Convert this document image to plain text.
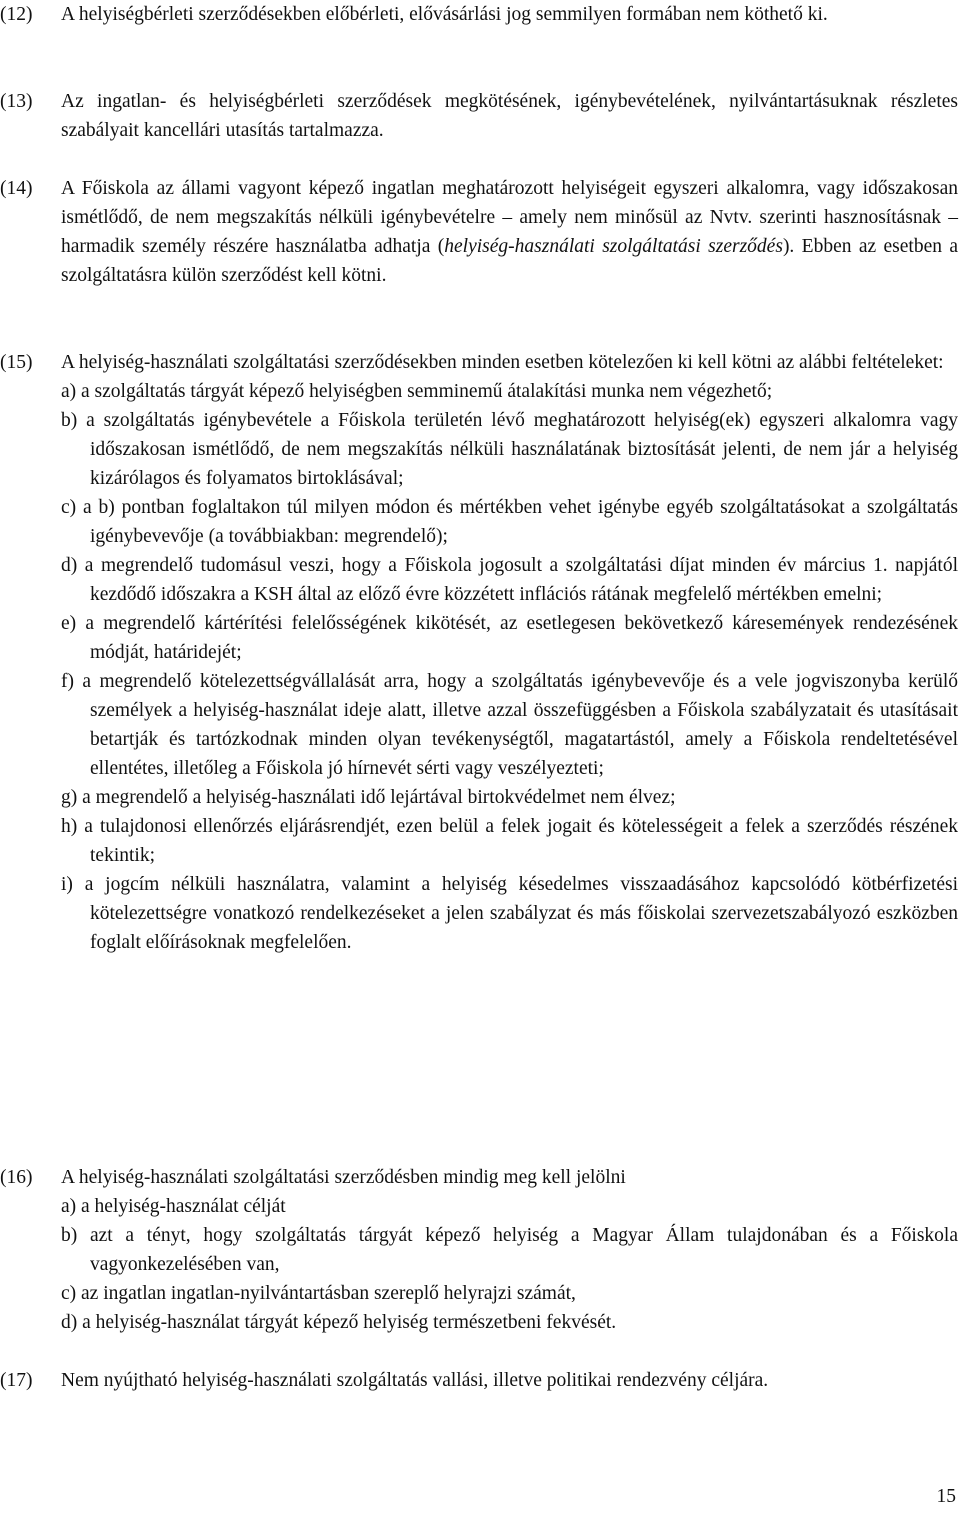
(12) A helyiségbérleti szerződésekben előbérleti, elővásárlási jog semmilyen formában nem köthető ki.
(13) Az ingatlan- és helyiségbérleti szerződések megkötésének, igénybevételének, nyilvántartásuknak részletes szabályait kancellári utasítás tartalmazza.
(14) A Főiskola az állami vagyont képező ingatlan meghatározott helyiségeit egyszeri alkalomra, vagy időszakosan ismétlődő, de nem megszakítás nélküli igénybevételre – amely nem minősül az Nvtv. szerinti hasznosításnak – harmadik személy részére használatba adhatja (helyiség-használati szolgáltatási szerződés). Ebben az esetben a szolgáltatásra külön szerződést kell kötni.
(15) A helyiség-használati szolgáltatási szerződésekben minden esetben kötelezően ki kell kötni az alábbi feltételeket:
a) a szolgáltatás tárgyát képező helyiségben semminemű átalakítási munka nem végezhető;
b) a szolgáltatás igénybevétele a Főiskola területén lévő meghatározott helyiség(ek) egyszeri alkalomra vagy időszakosan ismétlődő, de nem megszakítás nélküli használatának biztosítását jelenti, de nem jár a helyiség kizárólagos és folyamatos birtoklásával;
c) a b) pontban foglaltakon túl milyen módon és mértékben vehet igénybe egyéb szolgáltatásokat a szolgáltatás igénybevevője (a továbbiakban: megrendelő);
d) a megrendelő tudomásul veszi, hogy a Főiskola jogosult a szolgáltatási díjat minden év március 1. napjától kezdődő időszakra a KSH által az előző évre közzétett inflációs rátának megfelelő mértékben emelni;
e) a megrendelő kártérítési felelősségének kikötését, az esetlegesen bekövetkező káresemények rendezésének módját, határidejét;
f) a megrendelő kötelezettségvállalását arra, hogy a szolgáltatás igénybevevője és a vele jogviszonyba kerülő személyek a helyiség-használat ideje alatt, illetve azzal összefüggésben a Főiskola szabályzatait és utasításait betartják és tartózkodnak minden olyan tevékenységtől, magatartástól, amely a Főiskola rendeltetésével ellentétes, illetőleg a Főiskola jó hírnevét sérti vagy veszélyezteti;
g) a megrendelő a helyiség-használati idő lejártával birtokvédelmet nem élvez;
h) a tulajdonosi ellenőrzés eljárásrendjét, ezen belül a felek jogait és kötelességeit a felek a szerződés részének tekintik;
i) a jogcím nélküli használatra, valamint a helyiség késedelmes visszaadásához kapcsolódó kötbérfizetési kötelezettségre vonatkozó rendelkezéseket a jelen szabályzat és más főiskolai szervezetszabályozó eszközben foglalt előírásoknak megfelelően.
(16) A helyiség-használati szolgáltatási szerződésben mindig meg kell jelölni
a) a helyiség-használat célját
b) azt a tényt, hogy szolgáltatás tárgyát képező helyiség a Magyar Állam tulajdonában és a Főiskola vagyonkezelésében van,
c) az ingatlan ingatlan-nyilvántartásban szereplő helyrajzi számát,
d) a helyiség-használat tárgyát képező helyiség természetbeni fekvését.
(17) Nem nyújtható helyiség-használati szolgáltatás vallási, illetve politikai rendezvény céljára.
15
